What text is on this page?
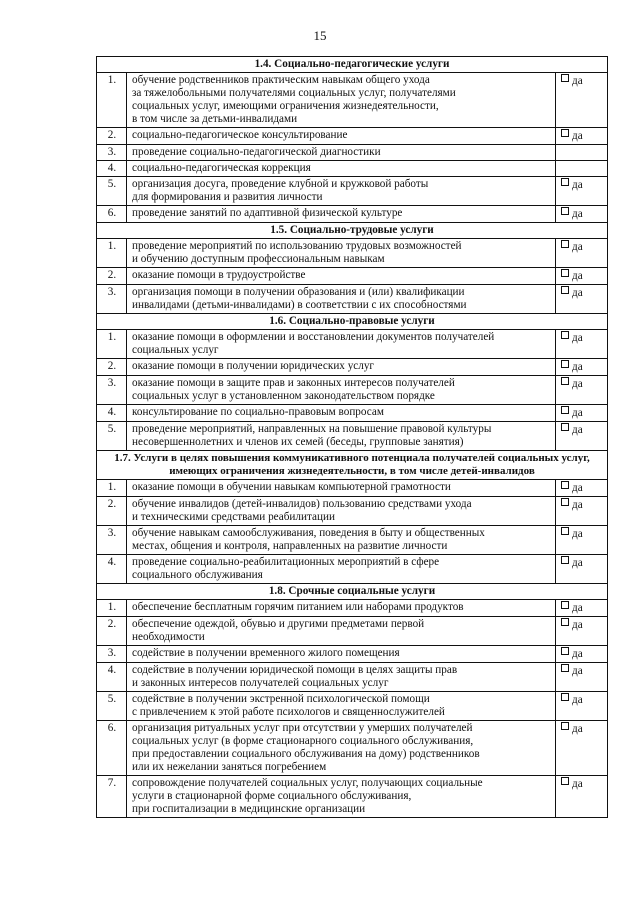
15
1.4. Социально-педагогические услуги		
1.	обучение родственников практическим навыкам общего ухода
за тяжелобольными получателями социальных услуг, получателями
социальных услуг, имеющими ограничения жизнедеятельности,
в том числе за детьми-инвалидами	да
2.	социально-педагогическое консультирование	да
3.	проведение социально-педагогической диагностики	

4.	социально-педагогическая коррекция	

5.	организация досуга, проведение клубной и кружковой работы
для формирования и развития личности	да
6.	проведение занятий по адаптивной физической культуре	да
1.5. Социально-трудовые услуги		
1.	проведение мероприятий по использованию трудовых возможностей
и обучению доступным профессиональным навыкам	да
2.	оказание помощи в трудоустройстве	да
3.	организация помощи в получении образования и (или) квалификации
инвалидами (детьми-инвалидами) в соответствии с их способностями	да
1.6. Социально-правовые услуги		
1.	оказание помощи в оформлении и восстановлении документов получателей
социальных услуг	да
2.	оказание помощи в получении юридических услуг	да
3.	оказание помощи в защите прав и законных интересов получателей
социальных услуг в установленном законодательством порядке	да
4.	консультирование по социально-правовым вопросам	да
5.	проведение мероприятий, направленных на повышение правовой культуры
несовершеннолетних и членов их семей (беседы, групповые занятия)	да
1.7. Услуги в целях повышения коммуникативного потенциала получателей социальных услуг, имеющих ограничения жизнедеятельности, в том числе детей-инвалидов		
1.	оказание помощи в обучении навыкам компьютерной грамотности	да
2.	обучение инвалидов (детей-инвалидов) пользованию средствами ухода
и техническими средствами реабилитации	да
3.	обучение навыкам самообслуживания, поведения в быту и общественных
местах, общения и контроля, направленных на развитие личности	да
4.	проведение социально-реабилитационных мероприятий в сфере
социального обслуживания	да
1.8. Срочные социальные услуги		
1.	обеспечение бесплатным горячим питанием или наборами продуктов	да
2.	обеспечение одеждой, обувью и другими предметами первой
необходимости	да
3.	содействие в получении временного жилого помещения	да
4.	содействие в получении юридической помощи в целях защиты прав
и законных интересов получателей социальных услуг	да
5.	содействие в получении экстренной психологической помощи
с привлечением к этой работе психологов и священнослужителей	да
6.	организация ритуальных услуг при отсутствии у умерших получателей
социальных услуг (в форме стационарного социального обслуживания,
при предоставлении социального обслуживания на дому) родственников
или их нежелании заняться погребением	да
7.	сопровождение получателей социальных услуг, получающих социальные
услуги в стационарной форме социального обслуживания,
при госпитализации в медицинские организации	да
